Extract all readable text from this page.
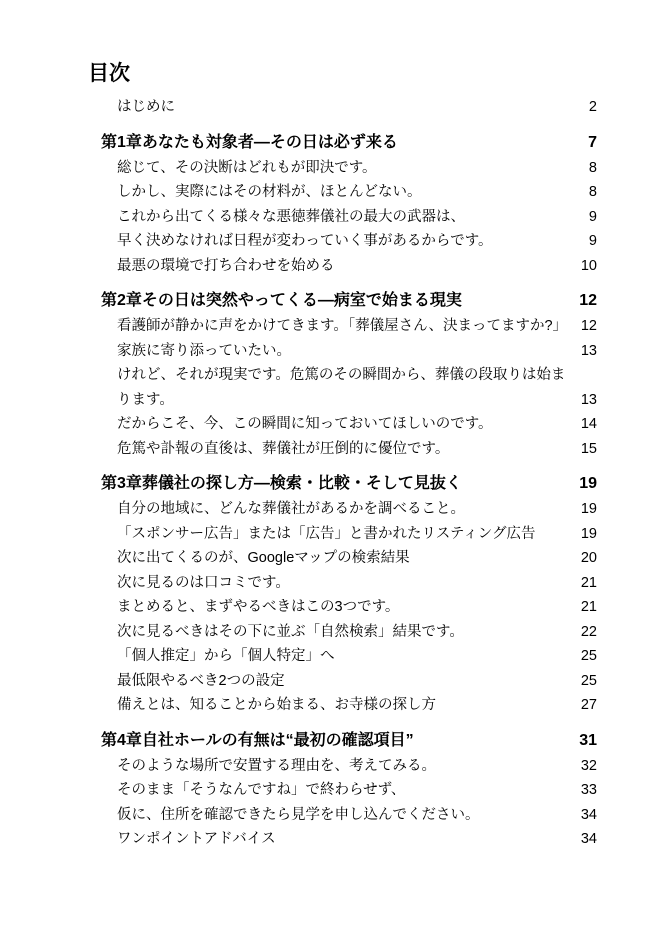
目次
はじめに	2
第1章あなたも対象者—その日は必ず来る	7
総じて、その決断はどれもが即決です。	8
しかし、実際にはその材料が、ほとんどない。	8
これから出てくる様々な悪徳葬儀社の最大の武器は、	9
早く決めなければ日程が変わっていく事があるからです。	9
最悪の環境で打ち合わせを始める	10
第2章その日は突然やってくる—病室で始まる現実	12
看護師が静かに声をかけてきます。「葬儀屋さん、決まってますか?」 12
家族に寄り添っていたい。	13
けれど、それが現実です。危篤のその瞬間から、葬儀の段取りは始まります。	13
だからこそ、今、この瞬間に知っておいてほしいのです。	14
危篤や訃報の直後は、葬儀社が圧倒的に優位です。	15
第3章葬儀社の探し方—検索・比較・そして見抜く	19
自分の地域に、どんな葬儀社があるかを調べること。	19
「スポンサー広告」または「広告」と書かれたリスティング広告	19
次に出てくるのが、Googleマップの検索結果	20
次に見るのは口コミです。	21
まとめると、まずやるべきはこの3つです。	21
次に見るべきはその下に並ぶ「自然検索」結果です。	22
「個人推定」から「個人特定」へ	25
最低限やるべき2つの設定	25
備えとは、知ることから始まる、お寺様の探し方	27
第4章自社ホールの有無は“最初の確認項目”	31
そのような場所で安置する理由を、考えてみる。	32
そのまま「そうなんですね」で終わらせず、	33
仮に、住所を確認できたら見学を申し込んでください。	34
ワンポイントアドバイス	34
